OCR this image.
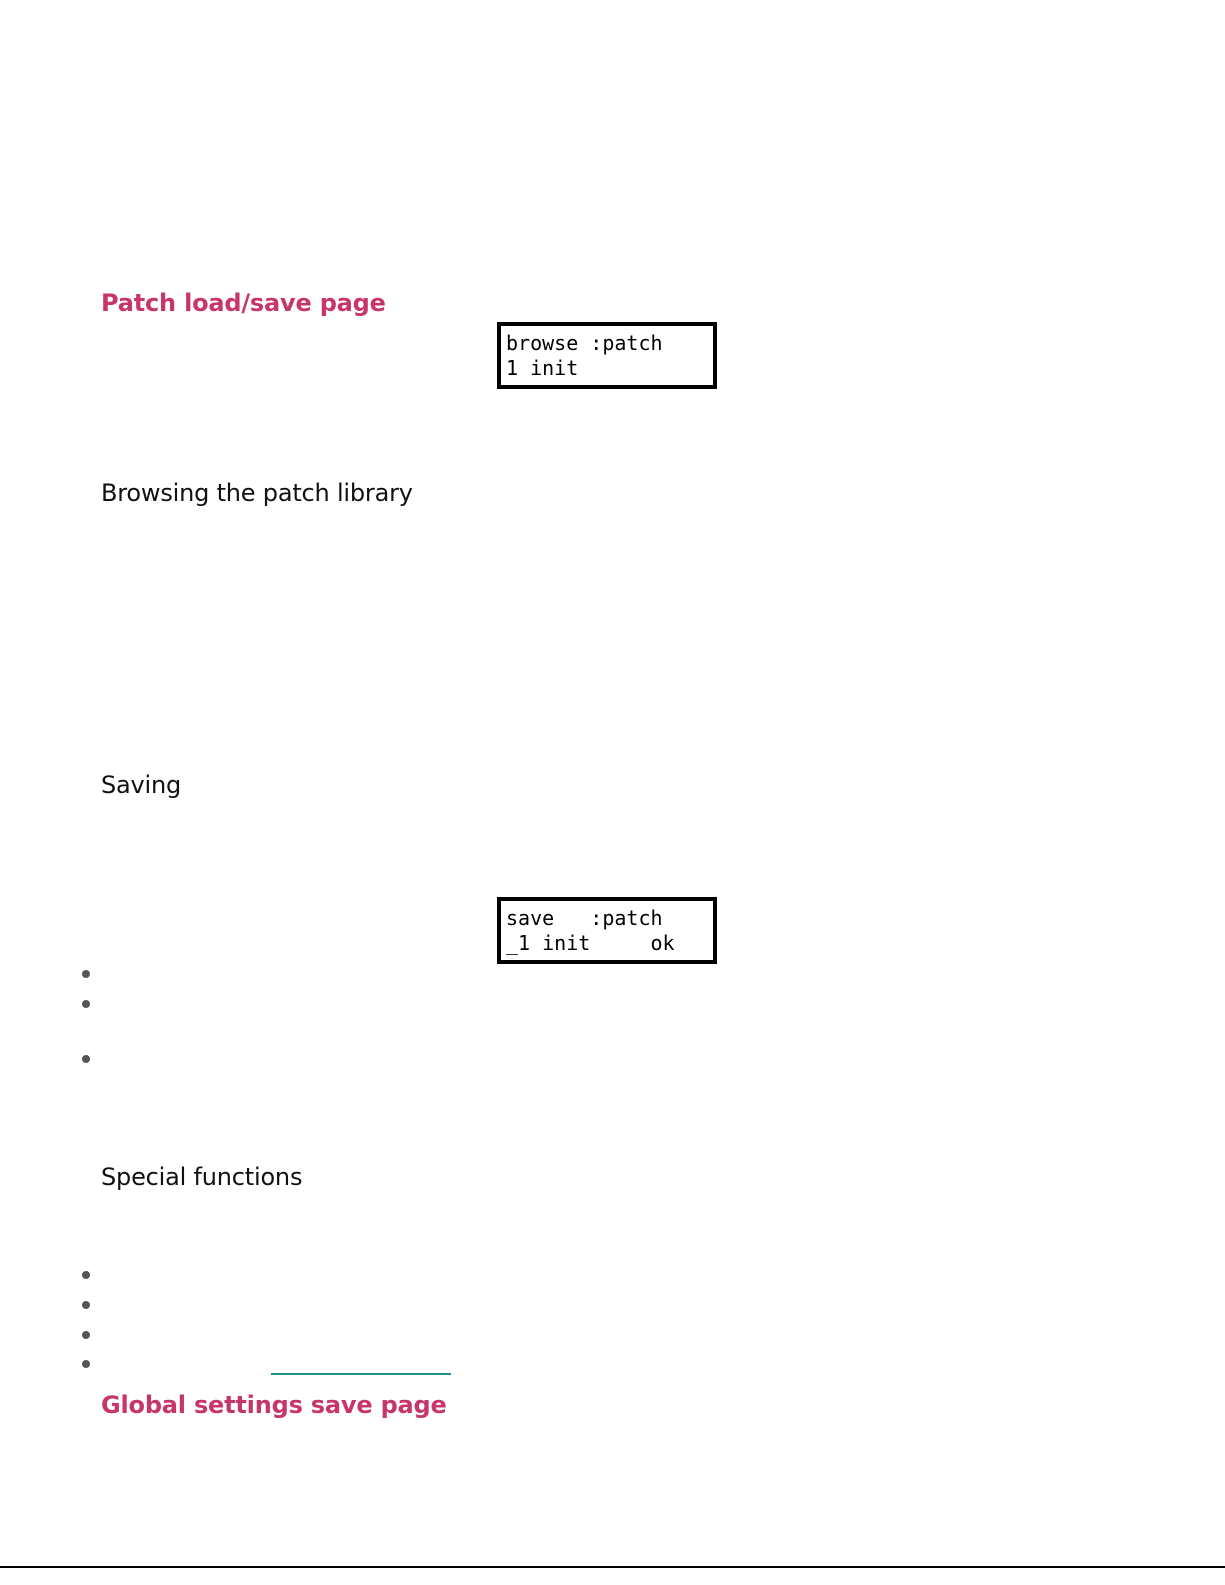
Patch load/save page
browse :patch
1 init
Browsing the patch library
Saving
save   :patch
_1 init     ok
Special functions
Global settings save page
